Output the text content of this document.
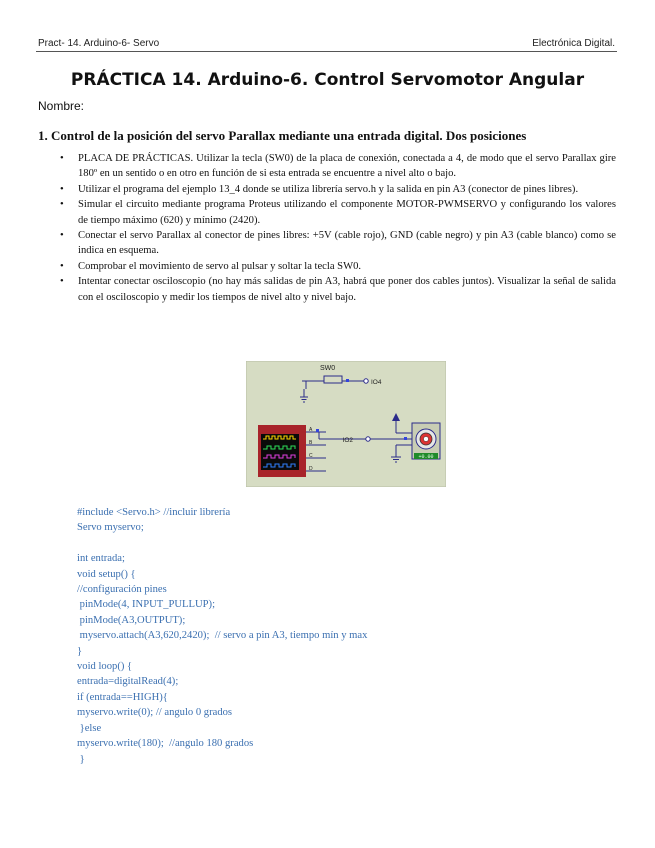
Pract- 14. Arduino-6- Servo	Electrónica Digital.
PRÁCTICA 14. Arduino-6. Control Servomotor Angular
Nombre:
1. Control de la posición del servo Parallax mediante una entrada digital. Dos posiciones
• PLACA DE PRÁCTICAS. Utilizar la tecla (SW0) de la placa de conexión, conectada a 4, de modo que el servo Parallax gire 180º en un sentido o en otro en función de si esta entrada se encuentre a nivel alto o bajo.
• Utilizar el programa del ejemplo 13_4 donde se utiliza librería servo.h y la salida en pin A3 (conector de pines libres).
• Simular el circuito mediante programa Proteus utilizando el componente MOTOR-PWMSERVO y configurando los valores de tiempo máximo (620) y mínimo (2420).
• Conectar el servo Parallax al conector de pines libres: +5V (cable rojo), GND (cable negro) y pin A3 (cable blanco) como se indica en esquema.
• Comprobar el movimiento de servo al pulsar y soltar la tecla SW0.
• Intentar conectar osciloscopio (no hay más salidas de pin A3, habrá que poner dos cables juntos). Visualizar la señal de salida con el osciloscopio y medir los tiempos de nivel alto y nivel bajo.
SW0
IO4
A
B
C
D
IO2
+0.00
#include <Servo.h> //incluir librería
Servo myservo;
int entrada;
void setup() {
//configuración pines
pinMode(4, INPUT_PULLUP);
pinMode(A3,OUTPUT);
myservo.attach(A3,620,2420);  // servo a pin A3, tiempo mín y max
}
void loop() {
entrada=digitalRead(4);
if (entrada==HIGH){
myservo.write(0); // angulo 0 grados
}else
myservo.write(180);  //angulo 180 grados
}
